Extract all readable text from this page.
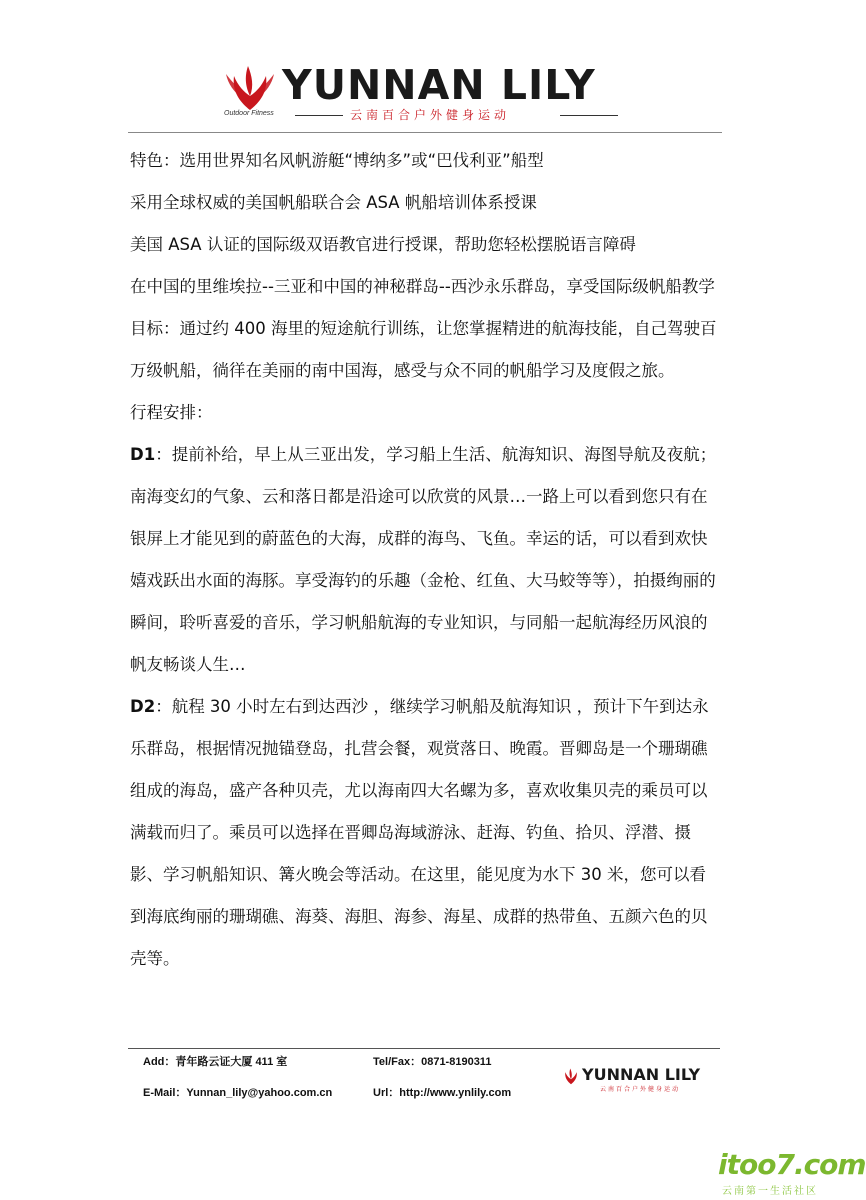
YUNNAN LILY
Outdoor Fitness	云南百合户外健身运动

特色：选用世界知名风帆游艇“博纳多”或“巴伐利亚”船型

采用全球权威的美国帆船联合会 ASA 帆船培训体系授课

美国 ASA 认证的国际级双语教官进行授课，帮助您轻松摆脱语言障碍

在中国的里维埃拉--三亚和中国的神秘群岛--西沙永乐群岛，享受国际级帆船教学

目标：通过约 400 海里的短途航行训练，让您掌握精进的航海技能，自己驾驶百万级帆船，徜徉在美丽的南中国海，感受与众不同的帆船学习及度假之旅。

行程安排：

D1：提前补给，早上从三亚出发，学习船上生活、航海知识、海图导航及夜航；南海变幻的气象、云和落日都是沿途可以欣赏的风景…一路上可以看到您只有在银屏上才能见到的蔚蓝色的大海，成群的海鸟、飞鱼。幸运的话，可以看到欢快嬉戏跃出水面的海豚。享受海钓的乐趣（金枪、红鱼、大马蛟等等），拍摄绚丽的瞬间，聆听喜爱的音乐，学习帆船航海的专业知识，与同船一起航海经历风浪的帆友畅谈人生…

D2：航程 30 小时左右到达西沙 ，继续学习帆船及航海知识 ，预计下午到达永乐群岛，根据情况抛锚登岛，扎营会餐，观赏落日、晚霞。晋卿岛是一个珊瑚礁组成的海岛，盛产各种贝壳，尤以海南四大名螺为多，喜欢收集贝壳的乘员可以满载而归了。乘员可以选择在晋卿岛海域游泳、赶海、钓鱼、拾贝、浮潜、摄影、学习帆船知识、篝火晚会等活动。在这里，能见度为水下 30 米，您可以看到海底绚丽的珊瑚礁、海葵、海胆、海参、海星、成群的热带鱼、五颜六色的贝壳等。

Add：青年路云证大厦 411 室	Tel/Fax：0871-8190311
E-Mail：Yunnan_lily@yahoo.com.cn	Url：http://www.ynlily.com
YUNNAN LILY
云南百合户外健身运动
itoo7.com
云南第一生活社区
